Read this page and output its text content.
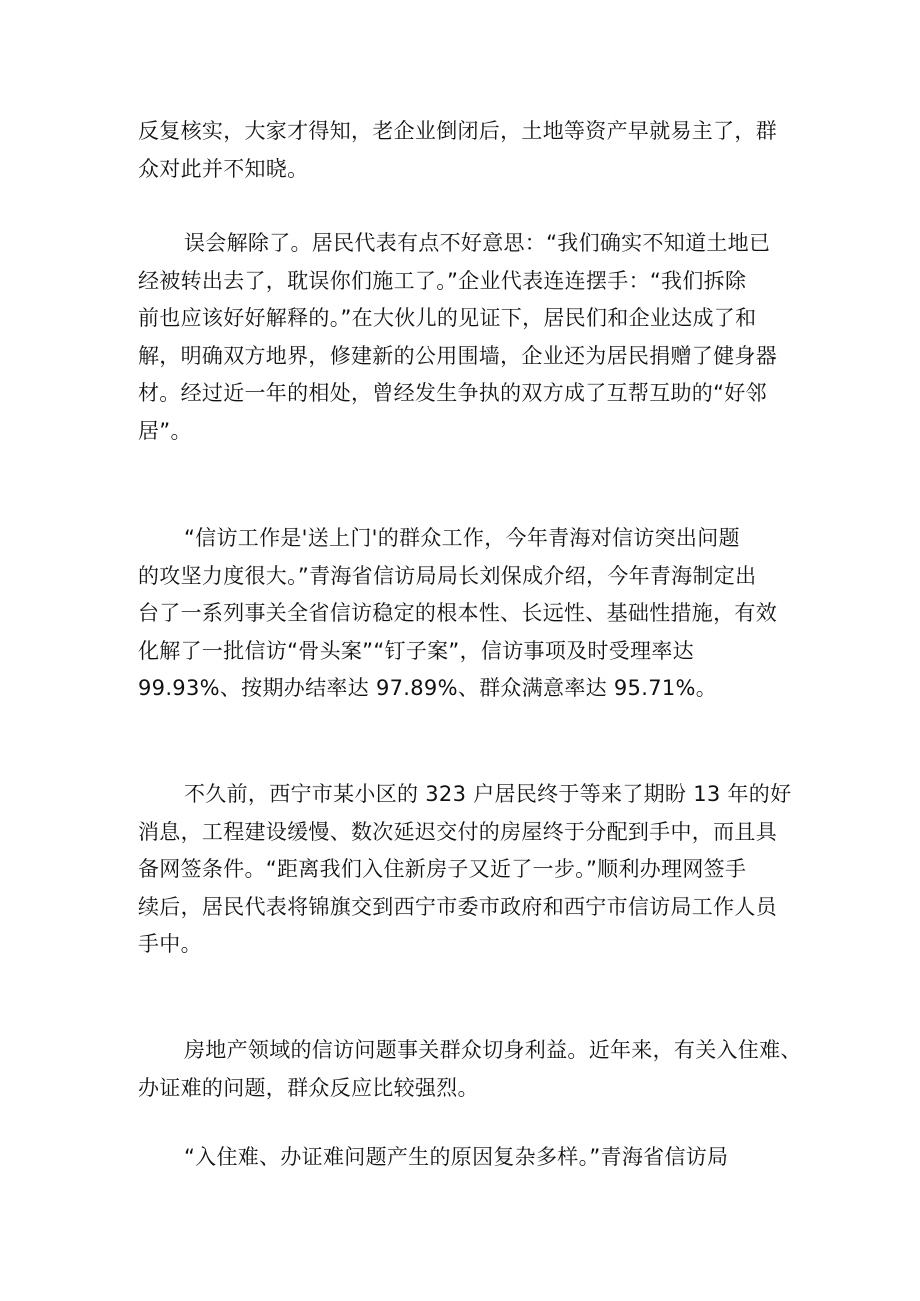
反复核实，大家才得知，老企业倒闭后，土地等资产早就易主了，群
众对此并不知晓。

误会解除了。居民代表有点不好意思：“我们确实不知道土地已
经被转出去了，耽误你们施工了。”企业代表连连摆手：“我们拆除
前也应该好好解释的。”在大伙儿的见证下，居民们和企业达成了和
解，明确双方地界，修建新的公用围墙，企业还为居民捐赠了健身器
材。经过近一年的相处，曾经发生争执的双方成了互帮互助的“好邻
居”。

“信访工作是'送上门'的群众工作，今年青海对信访突出问题
的攻坚力度很大。”青海省信访局局长刘保成介绍，今年青海制定出
台了一系列事关全省信访稳定的根本性、长远性、基础性措施，有效
化解了一批信访“骨头案”“钉子案”，信访事项及时受理率达
99.93%、按期办结率达 97.89%、群众满意率达 95.71%。

不久前，西宁市某小区的 323 户居民终于等来了期盼 13 年的好
消息，工程建设缓慢、数次延迟交付的房屋终于分配到手中，而且具
备网签条件。“距离我们入住新房子又近了一步。”顺利办理网签手
续后，居民代表将锦旗交到西宁市委市政府和西宁市信访局工作人员
手中。

房地产领域的信访问题事关群众切身利益。近年来，有关入住难、
办证难的问题，群众反应比较强烈。

“入住难、办证难问题产生的原因复杂多样。”青海省信访局
